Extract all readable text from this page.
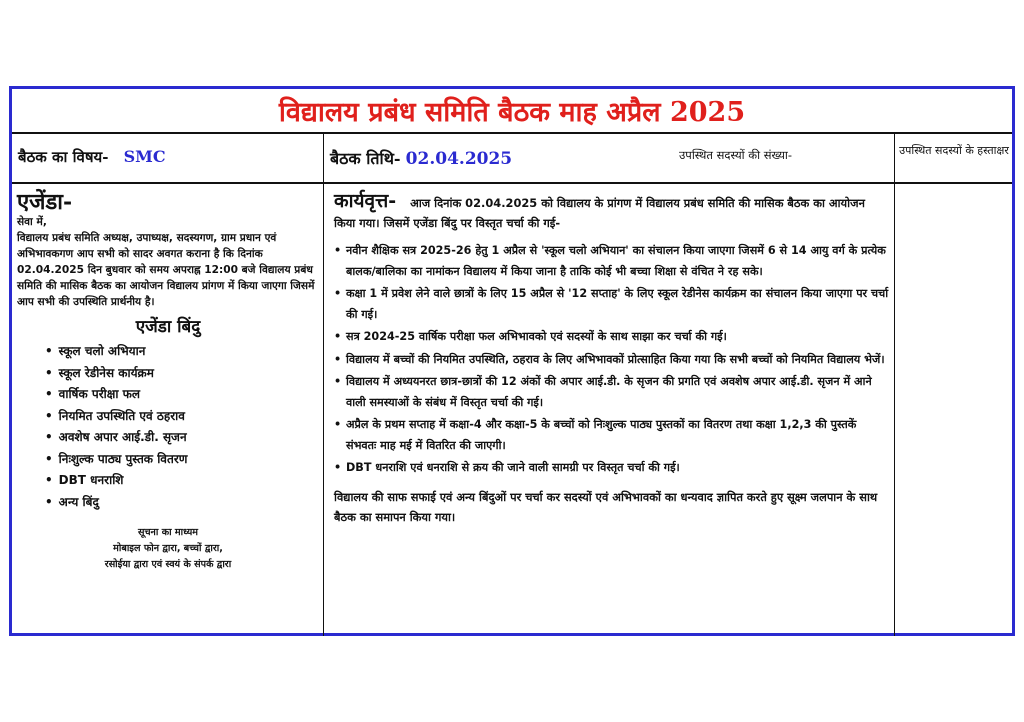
विद्यालय प्रबंध समिति बैठक माह अप्रैल 2025
बैठक का विषय- SMC	बैठक तिथि- 02.04.2025	उपस्थित सदस्यों की संख्या-	उपस्थित सदस्यों के हस्ताक्षर
एजेंडा-
सेवा में,
विद्यालय प्रबंध समिति अध्यक्ष, उपाध्यक्ष, सदस्यगण, ग्राम प्रधान एवं अभिभावकगण आप सभी को सादर अवगत कराना है कि दिनांक 02.04.2025 दिन बुधवार को समय अपराह्न 12:00 बजे विद्यालय प्रबंध समिति की मासिक बैठक का आयोजन विद्यालय प्रांगण में किया जाएगा जिसमें आप सभी की उपस्थिति प्रार्थनीय है।
एजेंडा बिंदु
• स्कूल चलो अभियान
• स्कूल रेडीनेस कार्यक्रम
• वार्षिक परीक्षा फल
• नियमित उपस्थिति एवं ठहराव
• अवशेष अपार आई.डी. सृजन
• निःशुल्क पाठ्य पुस्तक वितरण
• DBT धनराशि
• अन्य बिंदु
सूचना का माध्यम
मोबाइल फोन द्वारा, बच्चों द्वारा,
रसोईया द्वारा एवं स्वयं के संपर्क द्वारा
कार्यवृत्त- आज दिनांक 02.04.2025 को विद्यालय के प्रांगण में विद्यालय प्रबंध समिति की मासिक बैठक का आयोजन किया गया। जिसमें एजेंडा बिंदु पर विस्तृत चर्चा की गई-
• नवीन शैक्षिक सत्र 2025-26 हेतु 1 अप्रैल से 'स्कूल चलो अभियान' का संचालन किया जाएगा जिसमें 6 से 14 आयु वर्ग के प्रत्येक बालक/बालिका का नामांकन विद्यालय में किया जाना है ताकि कोई भी बच्चा शिक्षा से वंचित ने रह सके।
• कक्षा 1 में प्रवेश लेने वाले छात्रों के लिए 15 अप्रैल से '12 सप्ताह' के लिए स्कूल रेडीनेस कार्यक्रम का संचालन किया जाएगा पर चर्चा की गई।
• सत्र 2024-25 वार्षिक परीक्षा फल अभिभावको एवं सदस्यों के साथ साझा कर चर्चा की गई।
• विद्यालय में बच्चों की नियमित उपस्थिति, ठहराव के लिए अभिभावकों प्रोत्साहित किया गया कि सभी बच्चों को नियमित विद्यालय भेजें।
• विद्यालय में अध्ययनरत छात्र-छात्रों की 12 अंकों की अपार आई.डी. के सृजन की प्रगति एवं अवशेष अपार आई.डी. सृजन में आने वाली समस्याओं के संबंध में विस्तृत चर्चा की गई।
• अप्रैल के प्रथम सप्ताह में कक्षा-4 और कक्षा-5 के बच्चों को निःशुल्क पाठ्य पुस्तकों का वितरण तथा कक्षा 1,2,3 की पुस्तकें संभवतः माह मई में वितरित की जाएगी।
• DBT धनराशि एवं धनराशि से क्रय की जाने वाली सामग्री पर विस्तृत चर्चा की गई।
विद्यालय की साफ सफाई एवं अन्य बिंदुओं पर चर्चा कर सदस्यों एवं अभिभावकों का धन्यवाद ज्ञापित करते हुए सूक्ष्म जलपान के साथ बैठक का समापन किया गया।
